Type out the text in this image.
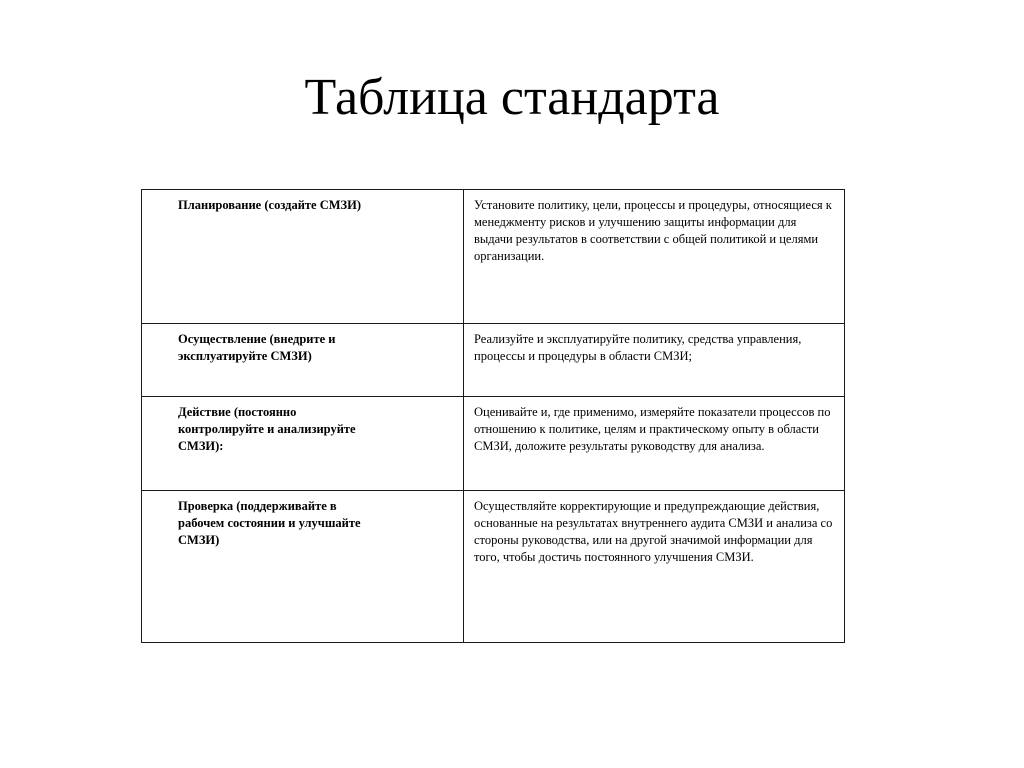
Таблица стандарта
Планирование (создайте СМЗИ)	Установите политику, цели, процессы и процедуры, относящиеся к менеджменту рисков и улучшению защиты информации для выдачи результатов в соответствии с общей политикой и целями организации.

Осуществление (внедрите и эксплуатируйте СМЗИ)	Реализуйте и эксплуатируйте политику, средства управления, процессы и процедуры в области СМЗИ;

Действие (постоянно контролируйте и анализируйте СМЗИ):	Оценивайте и, где применимо, измеряйте показатели процессов по отношению к политике, целям и практическому опыту в области СМЗИ, доложите результаты руководству для анализа.

Проверка (поддерживайте в рабочем состоянии и улучшайте СМЗИ)	Осуществляйте корректирующие и предупреждающие действия, основанные на результатах внутреннего аудита СМЗИ и анализа со стороны руководства, или на другой значимой информации для того, чтобы достичь постоянного улучшения СМЗИ.
